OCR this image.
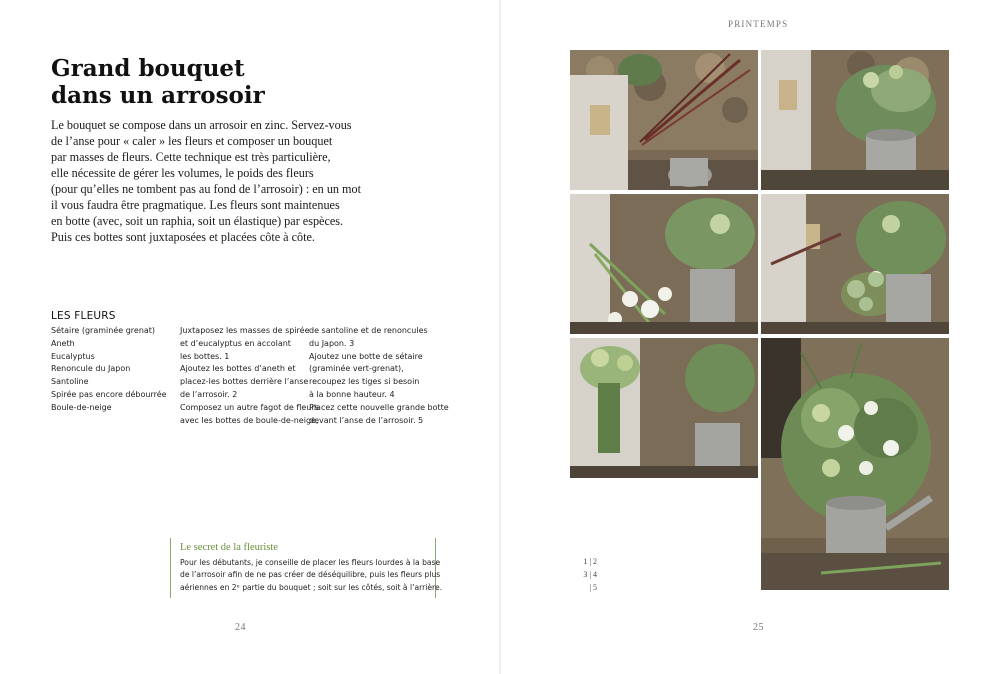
Grand bouquet
dans un arrosoir
Le bouquet se compose dans un arrosoir en zinc. Servez-vous
de l’anse pour « caler » les fleurs et composer un bouquet
par masses de fleurs. Cette technique est très particulière,
elle nécessite de gérer les volumes, le poids des fleurs
(pour qu’elles ne tombent pas au fond de l’arrosoir) : en un mot
il vous faudra être pragmatique. Les fleurs sont maintenues
en botte (avec, soit un raphia, soit un élastique) par espèces.
Puis ces bottes sont juxtaposées et placées côte à côte.
LES FLEURS
Sétaire (graminée grenat)
Aneth
Eucalyptus
Renoncule du Japon
Santoline
Spirée pas encore débourrée
Boule-de-neige
Juxtaposez les masses de spirée
et d’eucalyptus en accolant
les bottes. 1
Ajoutez les bottes d’aneth et
placez-les bottes derrière l’anse
de l’arrosoir. 2
Composez un autre fagot de fleurs
avec les bottes de boule-de-neige,
de santoline et de renoncules
du Japon. 3
Ajoutez une botte de sétaire
(graminée vert-grenat),
recoupez les tiges si besoin
à la bonne hauteur. 4
Placez cette nouvelle grande botte
devant l’anse de l’arrosoir. 5
Le secret de la fleuriste
Pour les débutants, je conseille de placer les fleurs lourdes à la base
de l’arrosoir afin de ne pas créer de déséquilibre, puis les fleurs plus
aériennes en 2ᵉ partie du bouquet ; soit sur les côtés, soit à l’arrière.
24
PRINTEMPS
1 | 2
3 | 4
| 5
25
